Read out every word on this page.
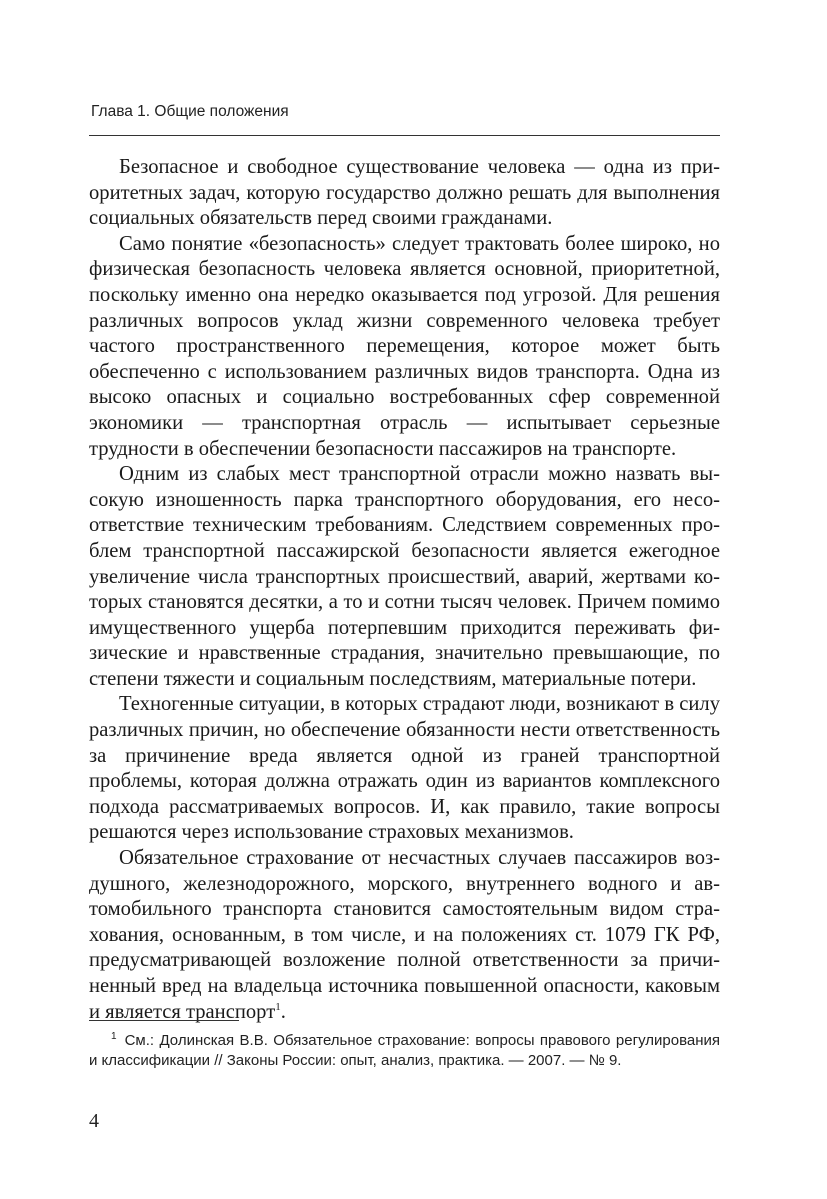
Глава 1. Общие положения

Безопасное и свободное существование человека — одна из приоритетных задач, которую государство должно решать для выполнения социальных обязательств перед своими гражданами.

Само понятие «безопасность» следует трактовать более широко, но физическая безопасность человека является основной, приоритетной, поскольку именно она нередко оказывается под угрозой. Для решения различных вопросов уклад жизни современного человека требует частого пространственного перемещения, которое может быть обеспеченно с использованием различных видов транспорта. Одна из высоко опасных и социально востребованных сфер современной экономики — транспортная отрасль — испытывает серьезные трудности в обеспечении безопасности пассажиров на транспорте.

Одним из слабых мест транспортной отрасли можно назвать высокую изношенность парка транспортного оборудования, его несоответствие техническим требованиям. Следствием современных проблем транспортной пассажирской безопасности является ежегодное увеличение числа транспортных происшествий, аварий, жертвами которых становятся десятки, а то и сотни тысяч человек. Причем помимо имущественного ущерба потерпевшим приходится переживать физические и нравственные страдания, значительно превышающие, по степени тяжести и социальным последствиям, материальные потери.

Техногенные ситуации, в которых страдают люди, возникают в силу различных причин, но обеспечение обязанности нести ответственность за причинение вреда является одной из граней транспортной проблемы, которая должна отражать один из вариантов комплексного подхода рассматриваемых вопросов. И, как правило, такие вопросы решаются через использование страховых механизмов.

Обязательное страхование от несчастных случаев пассажиров воздушного, железнодорожного, морского, внутреннего водного и автомобильного транспорта становится самостоятельным видом страхования, основанным, в том числе, и на положениях ст. 1079 ГК РФ, предусматривающей возложение полной ответственности за причиненный вред на владельца источника повышенной опасности, каковым и является транспорт$^1$.

$^1$ См.: Долинская В.В. Обязательное страхование: вопросы правового регулирования и классификации // Законы России: опыт, анализ, практика. — 2007. — № 9.
4
